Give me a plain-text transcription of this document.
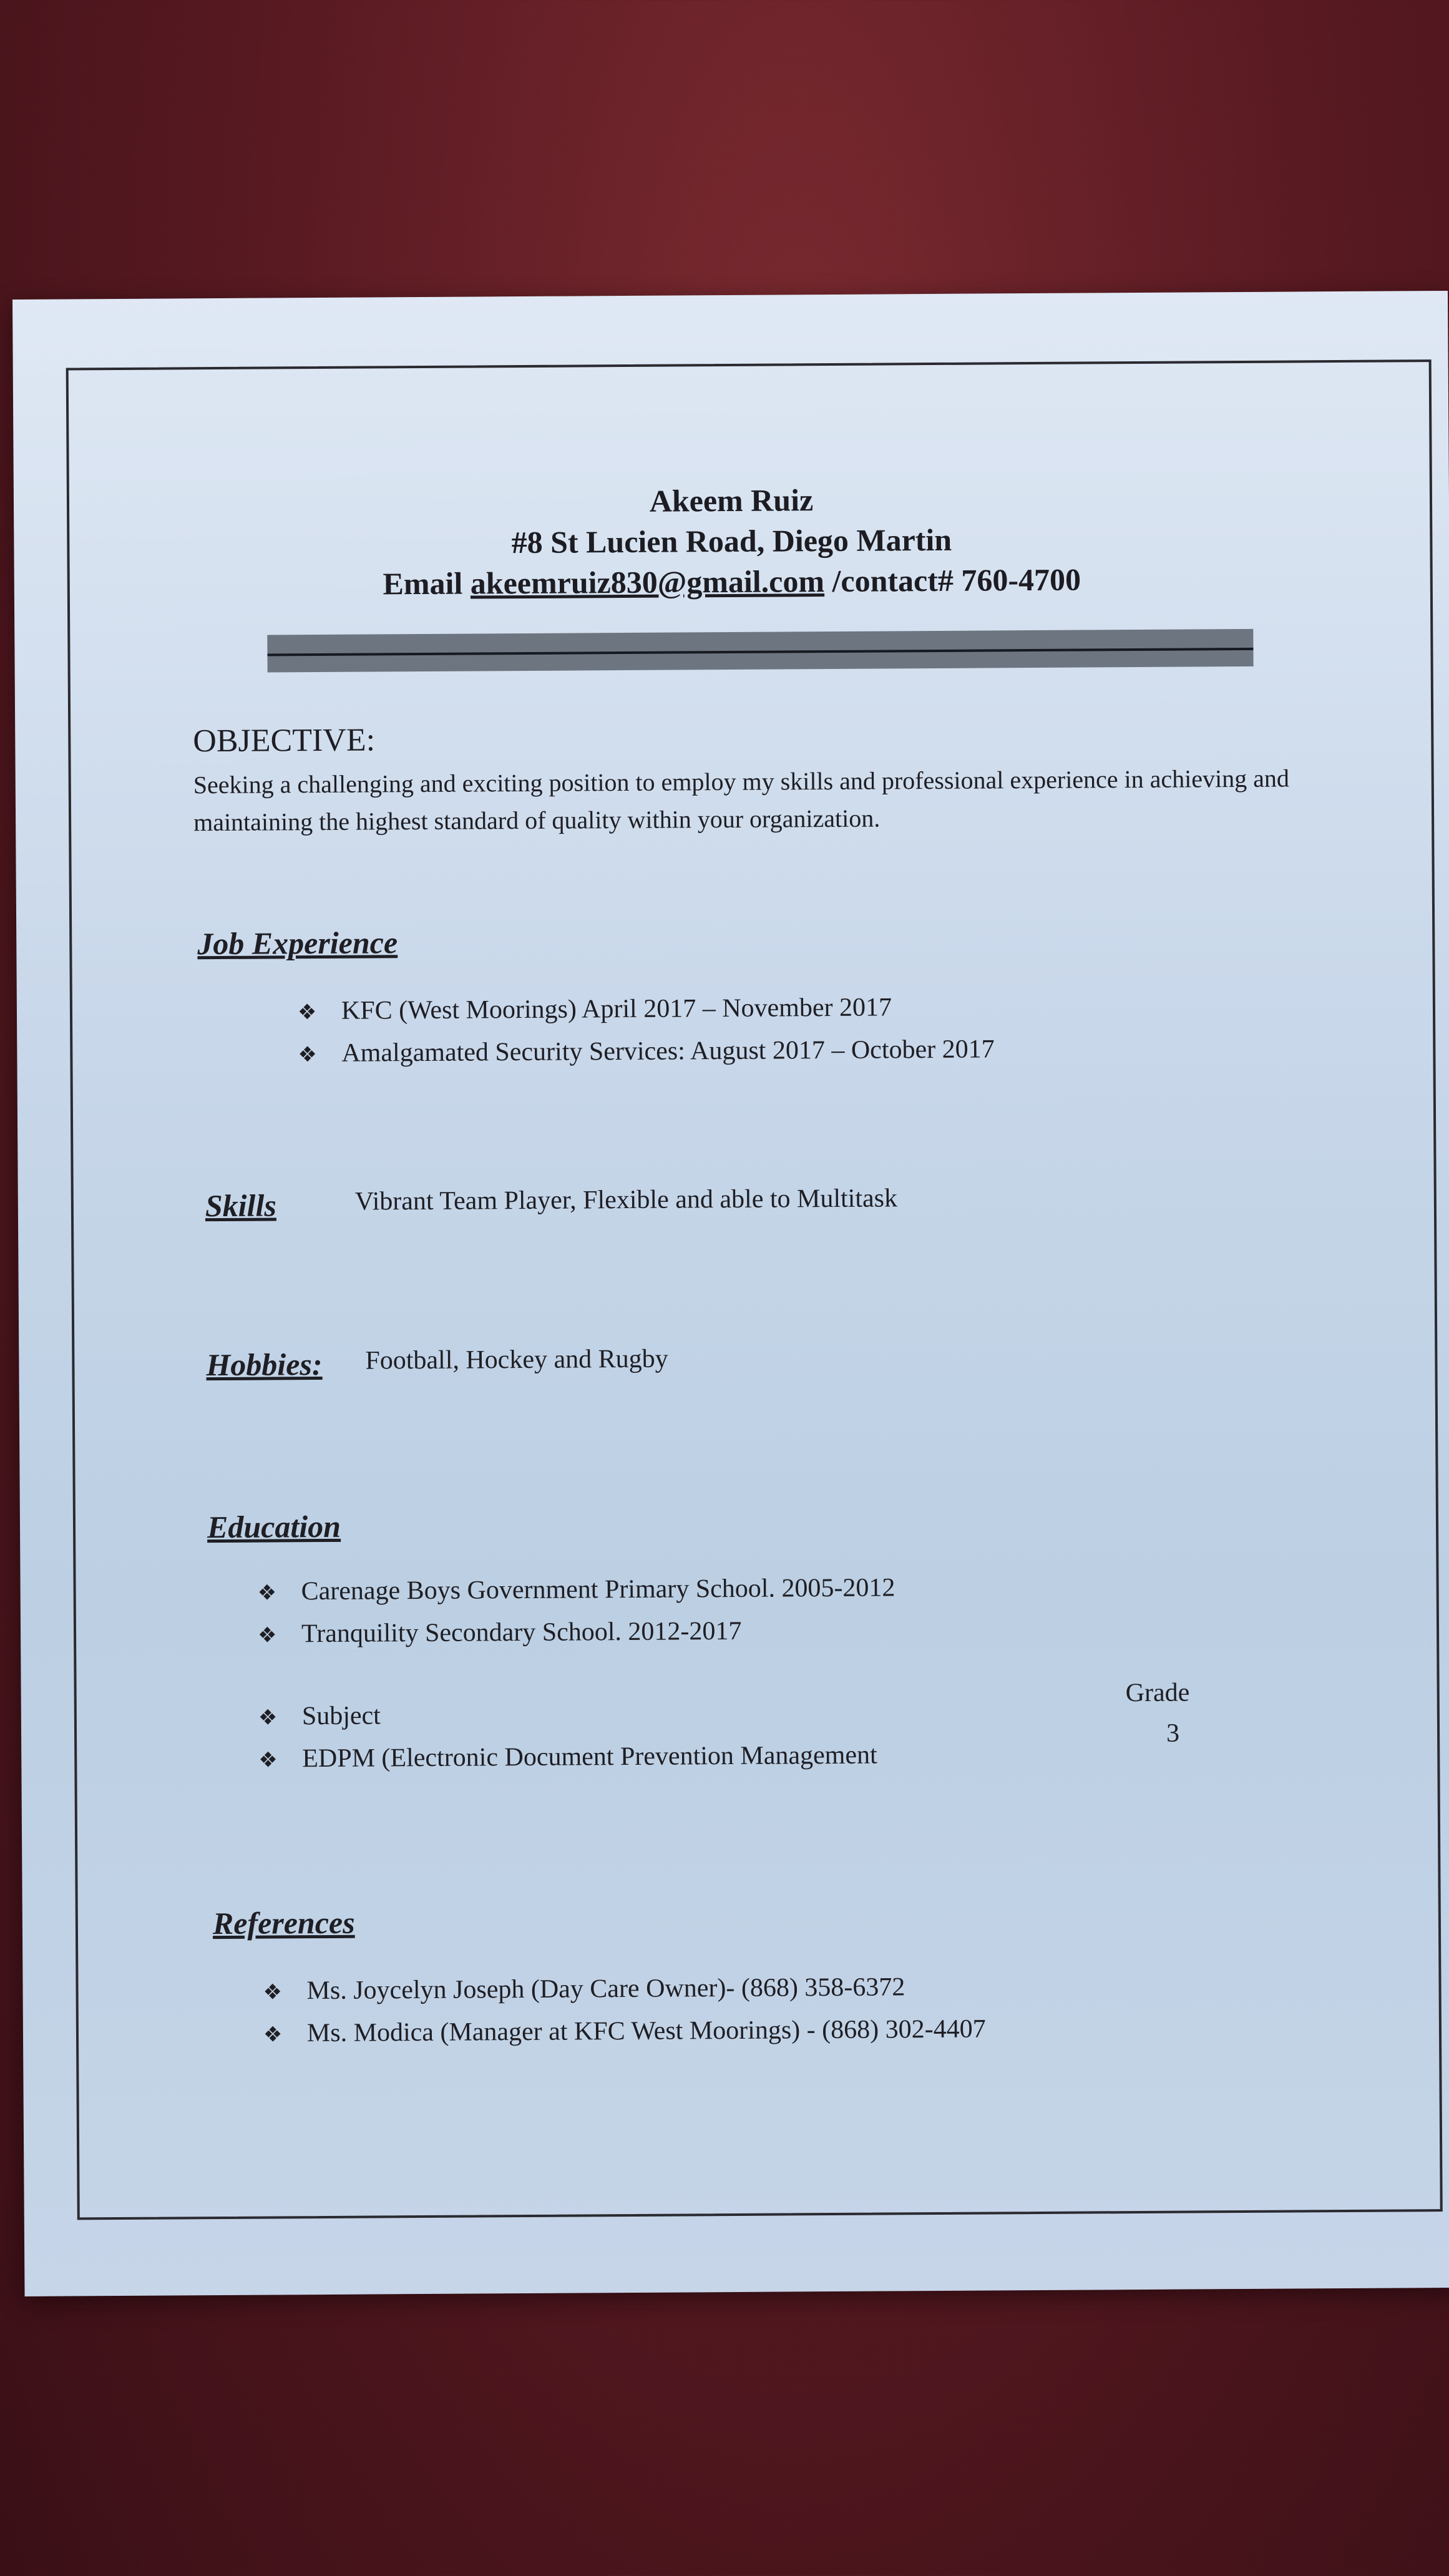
Akeem Ruiz
#8 St Lucien Road, Diego Martin
Email akeemruiz830@gmail.com /contact# 760-4700
OBJECTIVE:
Seeking a challenging and exciting position to employ my skills and professional experience in achieving and maintaining the highest standard of quality within your organization.
Job Experience
❖ KFC (West Moorings) April 2017 – November 2017
❖ Amalgamated Security Services: August 2017 – October 2017
Skills	Vibrant Team Player, Flexible and able to Multitask
Hobbies: Football, Hockey and Rugby
Education
❖ Carenage Boys Government Primary School. 2005-2012
❖ Tranquility Secondary School. 2012-2017
❖ Subject
❖ EDPM (Electronic Document Prevention Management
Grade
3
References
❖ Ms. Joycelyn Joseph (Day Care Owner)- (868) 358-6372
❖ Ms. Modica (Manager at KFC West Moorings) - (868) 302-4407
